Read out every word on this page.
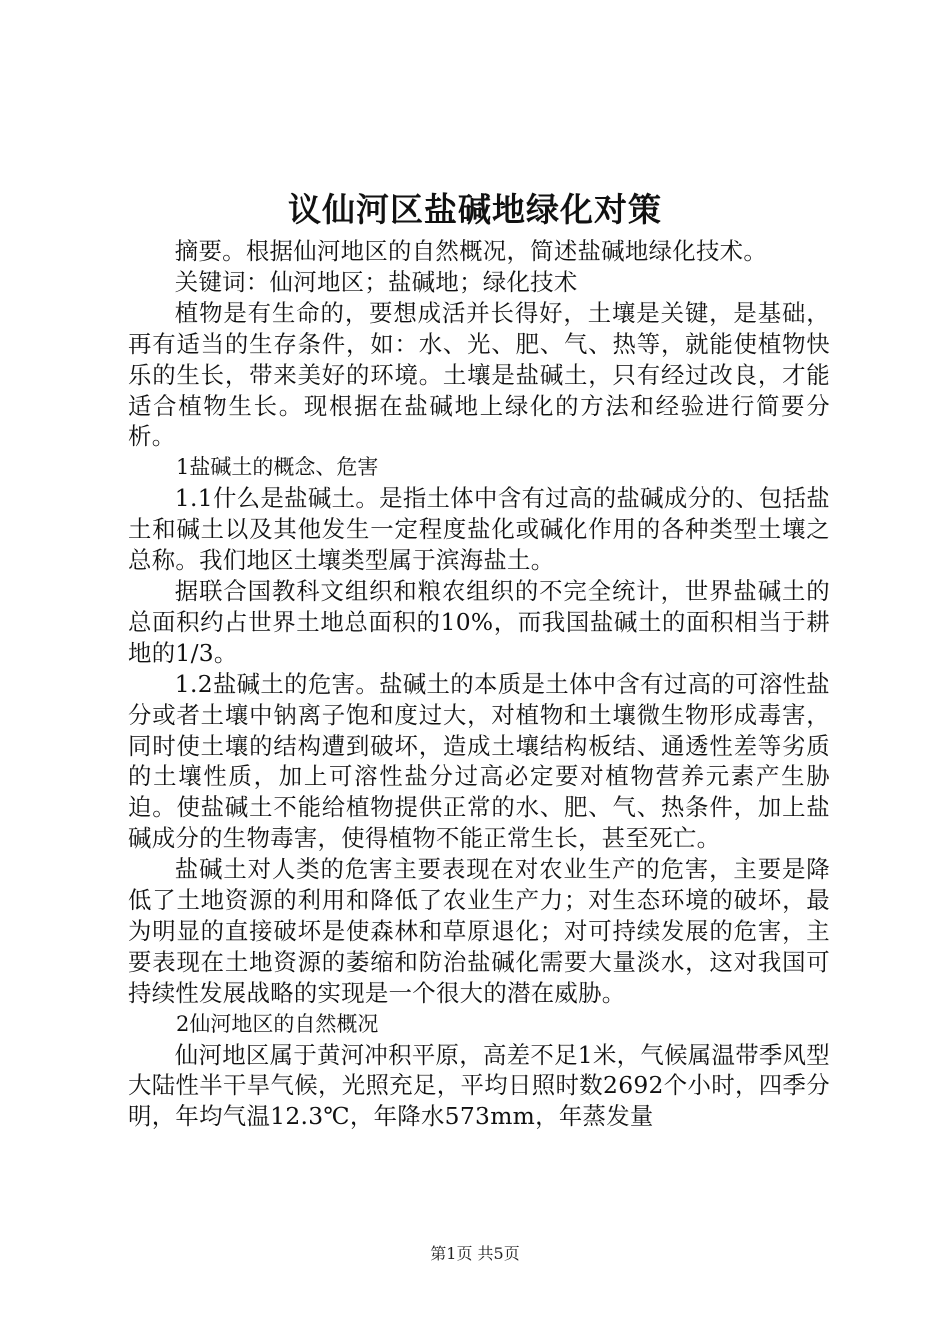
议仙河区盐碱地绿化对策

摘要。根据仙河地区的自然概况，简述盐碱地绿化技术。

关键词：仙河地区；盐碱地；绿化技术

植物是有生命的，要想成活并长得好，土壤是关键，是基础，再有适当的生存条件，如：水、光、肥、气、热等，就能使植物快乐的生长，带来美好的环境。土壤是盐碱土，只有经过改良，才能适合植物生长。现根据在盐碱地上绿化的方法和经验进行简要分析。

1盐碱土的概念、危害

1.1什么是盐碱土。是指土体中含有过高的盐碱成分的、包括盐土和碱土以及其他发生一定程度盐化或碱化作用的各种类型土壤之总称。我们地区土壤类型属于滨海盐土。

据联合国教科文组织和粮农组织的不完全统计，世界盐碱土的总面积约占世界土地总面积的10%，而我国盐碱土的面积相当于耕地的1/3。

1.2盐碱土的危害。盐碱土的本质是土体中含有过高的可溶性盐分或者土壤中钠离子饱和度过大，对植物和土壤微生物形成毒害，同时使土壤的结构遭到破坏，造成土壤结构板结、通透性差等劣质的土壤性质，加上可溶性盐分过高必定要对植物营养元素产生胁迫。使盐碱土不能给植物提供正常的水、肥、气、热条件，加上盐碱成分的生物毒害，使得植物不能正常生长，甚至死亡。

盐碱土对人类的危害主要表现在对农业生产的危害，主要是降低了土地资源的利用和降低了农业生产力；对生态环境的破坏，最为明显的直接破坏是使森林和草原退化；对可持续发展的危害，主要表现在土地资源的萎缩和防治盐碱化需要大量淡水，这对我国可持续性发展战略的实现是一个很大的潜在威胁。

2仙河地区的自然概况

仙河地区属于黄河冲积平原，高差不足1米，气候属温带季风型大陆性半干旱气候，光照充足，平均日照时数2692个小时，四季分明，年均气温12.3℃，年降水573mm，年蒸发量

第1页 共5页
